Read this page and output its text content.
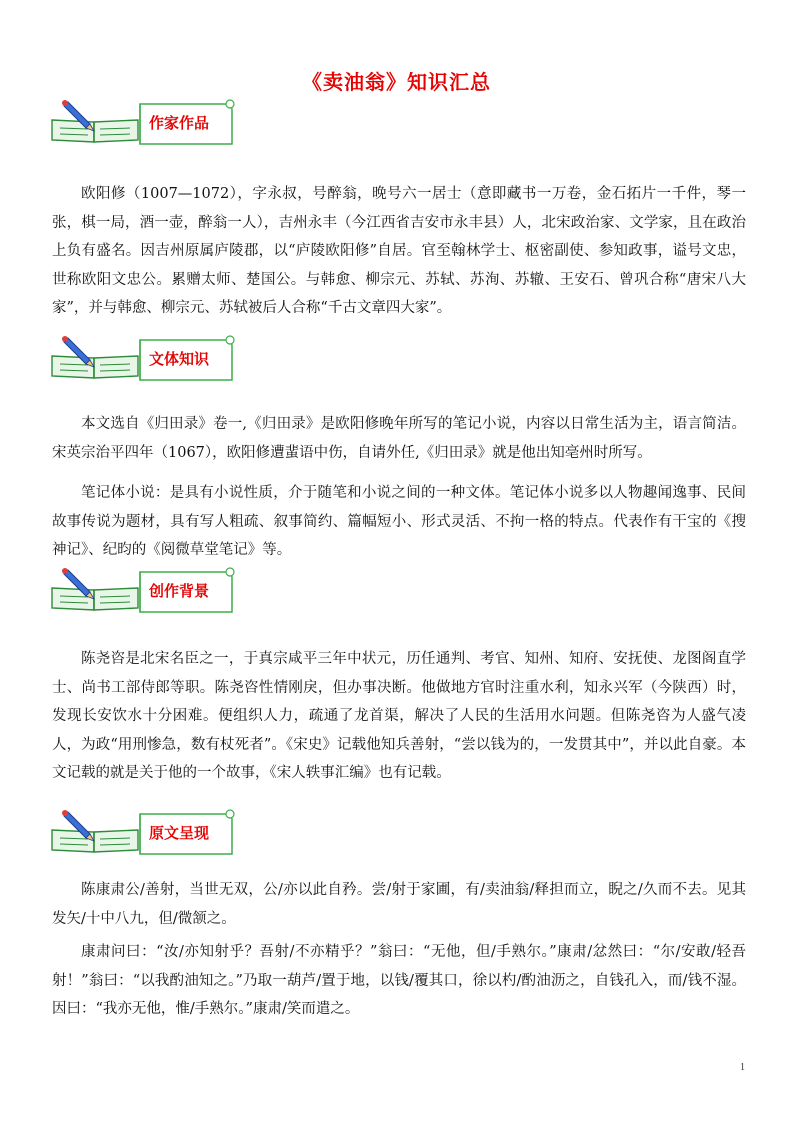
《卖油翁》知识汇总
作家作品

欧阳修（1007—1072），字永叔，号醉翁，晚号六一居士（意即藏书一万卷，金石拓片一千件，琴一张，棋一局，酒一壶，醉翁一人），吉州永丰（今江西省吉安市永丰县）人，北宋政治家、文学家，且在政治上负有盛名。因吉州原属庐陵郡，以“庐陵欧阳修”自居。官至翰林学士、枢密副使、参知政事，谥号文忠，世称欧阳文忠公。累赠太师、楚国公。与韩愈、柳宗元、苏轼、苏洵、苏辙、王安石、曾巩合称“唐宋八大家”，并与韩愈、柳宗元、苏轼被后人合称“千古文章四大家”。

文体知识

本文选自《归田录》卷一,《归田录》是欧阳修晚年所写的笔记小说，内容以日常生活为主，语言简洁。宋英宗治平四年（1067），欧阳修遭蜚语中伤，自请外任,《归田录》就是他出知亳州时所写。

笔记体小说：是具有小说性质，介于随笔和小说之间的一种文体。笔记体小说多以人物趣闻逸事、民间故事传说为题材，具有写人粗疏、叙事简约、篇幅短小、形式灵活、不拘一格的特点。代表作有干宝的《搜神记》、纪昀的《阅微草堂笔记》等。

创作背景

陈尧咨是北宋名臣之一，于真宗咸平三年中状元，历任通判、考官、知州、知府、安抚使、龙图阁直学士、尚书工部侍郎等职。陈尧咨性情刚戾，但办事决断。他做地方官时注重水利，知永兴军（今陕西）时，发现长安饮水十分困难。便组织人力，疏通了龙首渠，解决了人民的生活用水问题。但陈尧咨为人盛气凌人，为政“用刑惨急，数有杖死者”。《宋史》记载他知兵善射，“尝以钱为的，一发贯其中”，并以此自豪。本文记载的就是关于他的一个故事，《宋人轶事汇编》也有记载。

原文呈现

陈康肃公/善射，当世无双，公/亦以此自矜。尝/射于家圃，有/卖油翁/释担而立，睨之/久而不去。见其发矢/十中八九，但/微颔之。

康肃问曰：“汝/亦知射乎？吾射/不亦精乎？”翁曰：“无他，但/手熟尔。”康肃/忿然曰：“尔/安敢/轻吾射！”翁曰：“以我酌油知之。”乃取一葫芦/置于地，以钱/覆其口，徐以杓/酌油沥之，自钱孔入，而/钱不湿。因曰：“我亦无他，惟/手熟尔。”康肃/笑而遣之。

1
